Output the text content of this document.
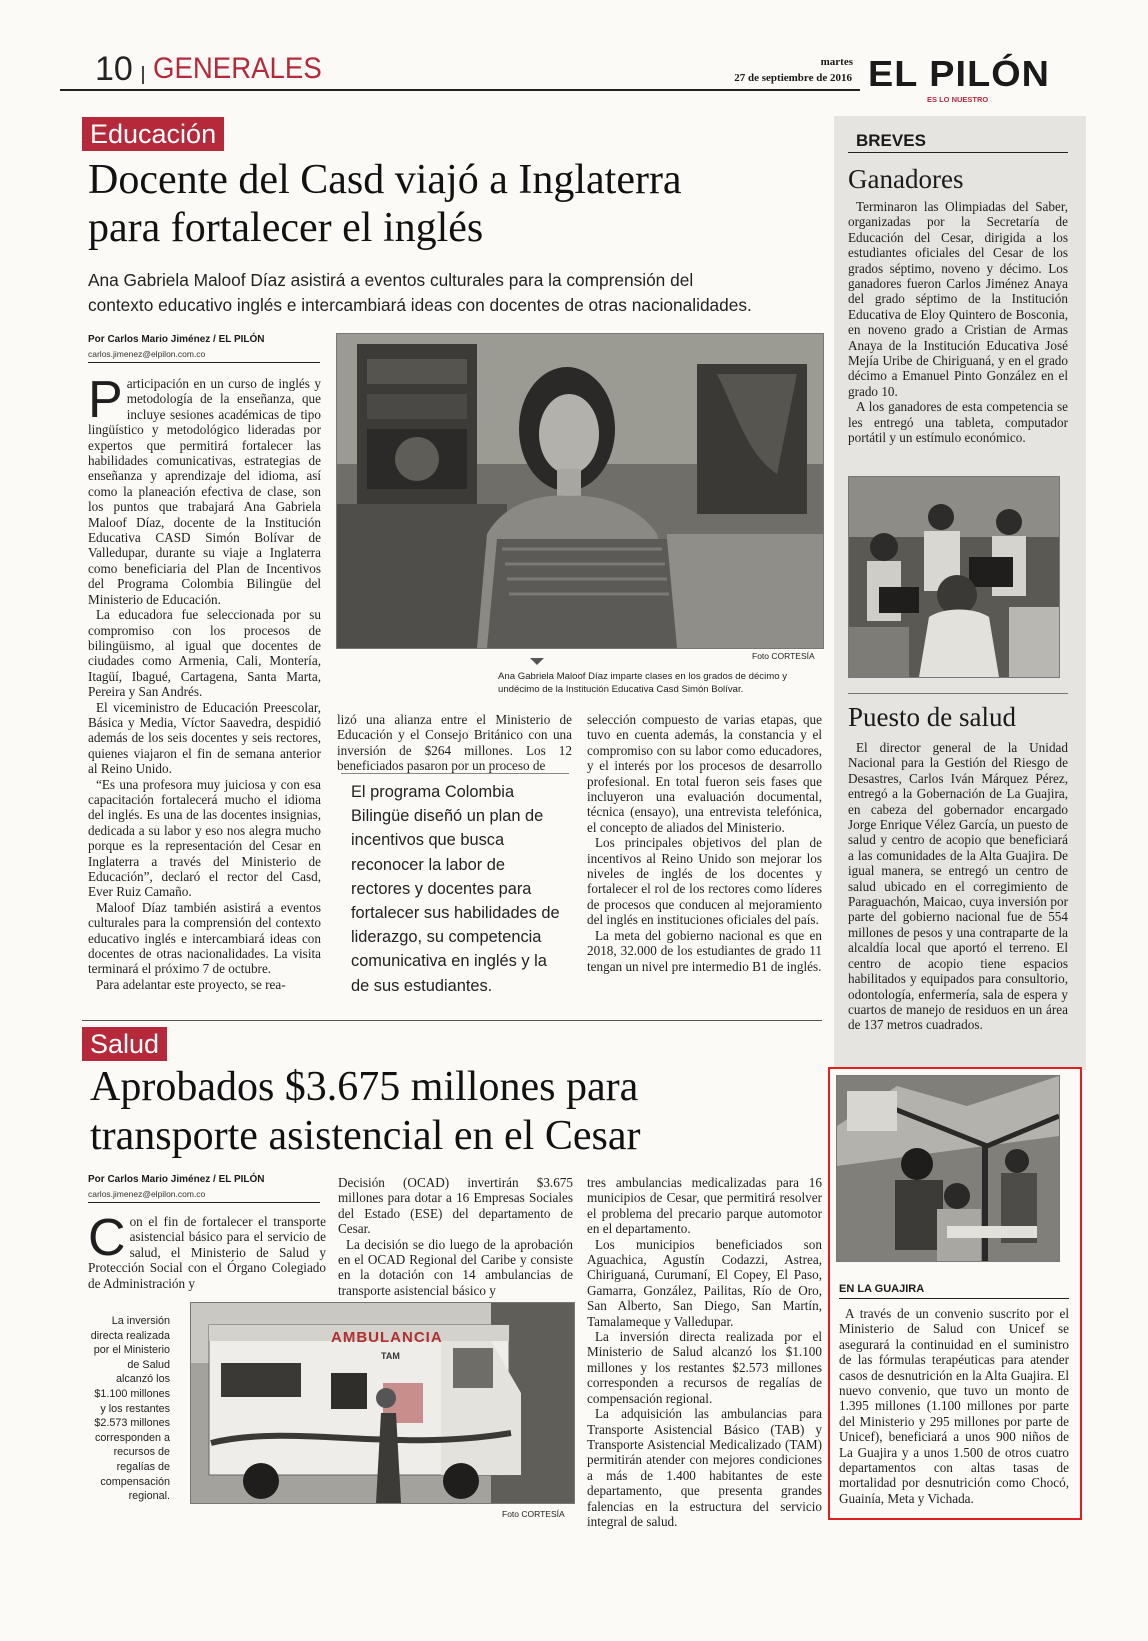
10 GENERALES	martes
27 de septiembre de 2016 EL PILÓN
ES LO NUESTRO
Educación
Docente del Casd viajó a Inglaterra
para fortalecer el inglés
Ana Gabriela Maloof Díaz asistirá a eventos culturales para la comprensión del
contexto educativo inglés e intercambiará ideas con docentes de otras nacionalidades.
Por Carlos Mario Jiménez / EL PILÓN
carlos.jimenez@elpilon.com.co

Participación en un curso de inglés y metodología de la enseñanza, que incluye sesiones académicas de tipo lingüístico y metodológico lideradas por expertos que permitirá fortalecer las habilidades comunicativas, estrategias de enseñanza y aprendizaje del idioma, así como la planeación efectiva de clase, son los puntos que trabajará Ana Gabriela Maloof Díaz, docente de la Institución Educativa CASD Simón Bolívar de Valledupar, durante su viaje a Inglaterra como beneficiaria del Plan de Incentivos del Programa Colombia Bilingüe del Ministerio de Educación.

La educadora fue seleccionada por su compromiso con los procesos de bilingüismo, al igual que docentes de ciudades como Armenia, Cali, Montería, Itagüí, Ibagué, Cartagena, Santa Marta, Pereira y San Andrés.

El viceministro de Educación Preescolar, Básica y Media, Víctor Saavedra, despidió además de los seis docentes y seis rectores, quienes viajaron el fin de semana anterior al Reino Unido.

“Es una profesora muy juiciosa y con esa capacitación fortalecerá mucho el idioma del inglés. Es una de las docentes insignias, dedicada a su labor y eso nos alegra mucho porque es la representación del Cesar en Inglaterra a través del Ministerio de Educación”, declaró el rector del Casd, Ever Ruiz Camaño.

Maloof Díaz también asistirá a eventos culturales para la comprensión del contexto educativo inglés e intercambiará ideas con docentes de otras nacionalidades. La visita terminará el próximo 7 de octubre.

Para adelantar este proyecto, se rea-

Foto CORTESÍA
Ana Gabriela Maloof Díaz imparte clases en los grados de décimo y
undécimo de la Institución Educativa Casd Simón Bolívar.

lizó una alianza entre el Ministerio de Educación y el Consejo Británico con una inversión de $264 millones. Los 12 beneficiados pasaron por un proceso de

El programa Colombia Bilingüe diseñó un plan de incentivos que busca reconocer la labor de rectores y docentes para fortalecer sus habilidades de liderazgo, su competencia comunicativa en inglés y la de sus estudiantes.

selección compuesto de varias etapas, que tuvo en cuenta además, la constancia y el compromiso con su labor como educadores, y el interés por los procesos de desarrollo profesional. En total fueron seis fases que incluyeron una evaluación documental, técnica (ensayo), una entrevista telefónica, el concepto de aliados del Ministerio.

Los principales objetivos del plan de incentivos al Reino Unido son mejorar los niveles de inglés de los docentes y fortalecer el rol de los rectores como líderes de procesos que conducen al mejoramiento del inglés en instituciones oficiales del país.

La meta del gobierno nacional es que en 2018, 32.000 de los estudiantes de grado 11 tengan un nivel pre intermedio B1 de inglés.

BREVES
Ganadores

Terminaron las Olimpiadas del Saber, organizadas por la Secretaría de Educación del Cesar, dirigida a los estudiantes oficiales del Cesar de los grados séptimo, noveno y décimo. Los ganadores fueron Carlos Jiménez Anaya del grado séptimo de la Institución Educativa de Eloy Quintero de Bosconia, en noveno grado a Cristian de Armas Anaya de la Institución Educativa José Mejía Uribe de Chiriguaná, y en el grado décimo a Emanuel Pinto González en el grado 10.

A los ganadores de esta competencia se les entregó una tableta, computador portátil y un estímulo económico.

Puesto de salud

El director general de la Unidad Nacional para la Gestión del Riesgo de Desastres, Carlos Iván Márquez Pérez, entregó a la Gobernación de La Guajira, en cabeza del gobernador encargado Jorge Enrique Vélez García, un puesto de salud y centro de acopio que beneficiará a las comunidades de la Alta Guajira. De igual manera, se entregó un centro de salud ubicado en el corregimiento de Paraguachón, Maicao, cuya inversión por parte del gobierno nacional fue de 554 millones de pesos y una contraparte de la alcaldía local que aportó el terreno. El centro de acopio tiene espacios habilitados y equipados para consultorio, odontología, enfermería, sala de espera y cuartos de manejo de residuos en un área de 137 metros cuadrados.

EN LA GUAJIRA
A través de un convenio suscrito por el Ministerio de Salud con Unicef se asegurará la continuidad en el suministro de las fórmulas terapéuticas para atender casos de desnutrición en la Alta Guajira. El nuevo convenio, que tuvo un monto de 1.395 millones (1.100 millones por parte del Ministerio y 295 millones por parte de Unicef), beneficiará a unos 900 niños de La Guajira y a unos 1.500 de otros cuatro departamentos con altas tasas de mortalidad por desnutrición como Chocó, Guainía, Meta y Vichada.
Salud
Aprobados $3.675 millones para
transporte asistencial en el Cesar
Por Carlos Mario Jiménez / EL PILÓN
carlos.jimenez@elpilon.com.co

Con el fin de fortalecer el transporte asistencial básico para el servicio de salud, el Ministerio de Salud y Protección Social con el Órgano Colegiado de Administración y

La inversión directa realizada por el Ministerio de Salud alcanzó los $1.100 millones y los restantes $2.573 millones corresponden a recursos de regalías de compensación regional.
AMBULANCIA
TAM
Foto CORTESÍA

Decisión (OCAD) invertirán $3.675 millones para dotar a 16 Empresas Sociales del Estado (ESE) del departamento de Cesar.

La decisión se dio luego de la aprobación en el OCAD Regional del Caribe y consiste en la dotación con 14 ambulancias de transporte asistencial básico y

tres ambulancias medicalizadas para 16 municipios de Cesar, que permitirá resolver el problema del precario parque automotor en el departamento.

Los municipios beneficiados son Aguachica, Agustín Codazzi, Astrea, Chiriguaná, Curumaní, El Copey, El Paso, Gamarra, González, Pailitas, Río de Oro, San Alberto, San Diego, San Martín, Tamalameque y Valledupar.

La inversión directa realizada por el Ministerio de Salud alcanzó los $1.100 millones y los restantes $2.573 millones corresponden a recursos de regalías de compensación regional.

La adquisición las ambulancias para Transporte Asistencial Básico (TAB) y Transporte Asistencial Medicalizado (TAM) permitirán atender con mejores condiciones a más de 1.400 habitantes de este departamento, que presenta grandes falencias en la estructura del servicio integral de salud.
